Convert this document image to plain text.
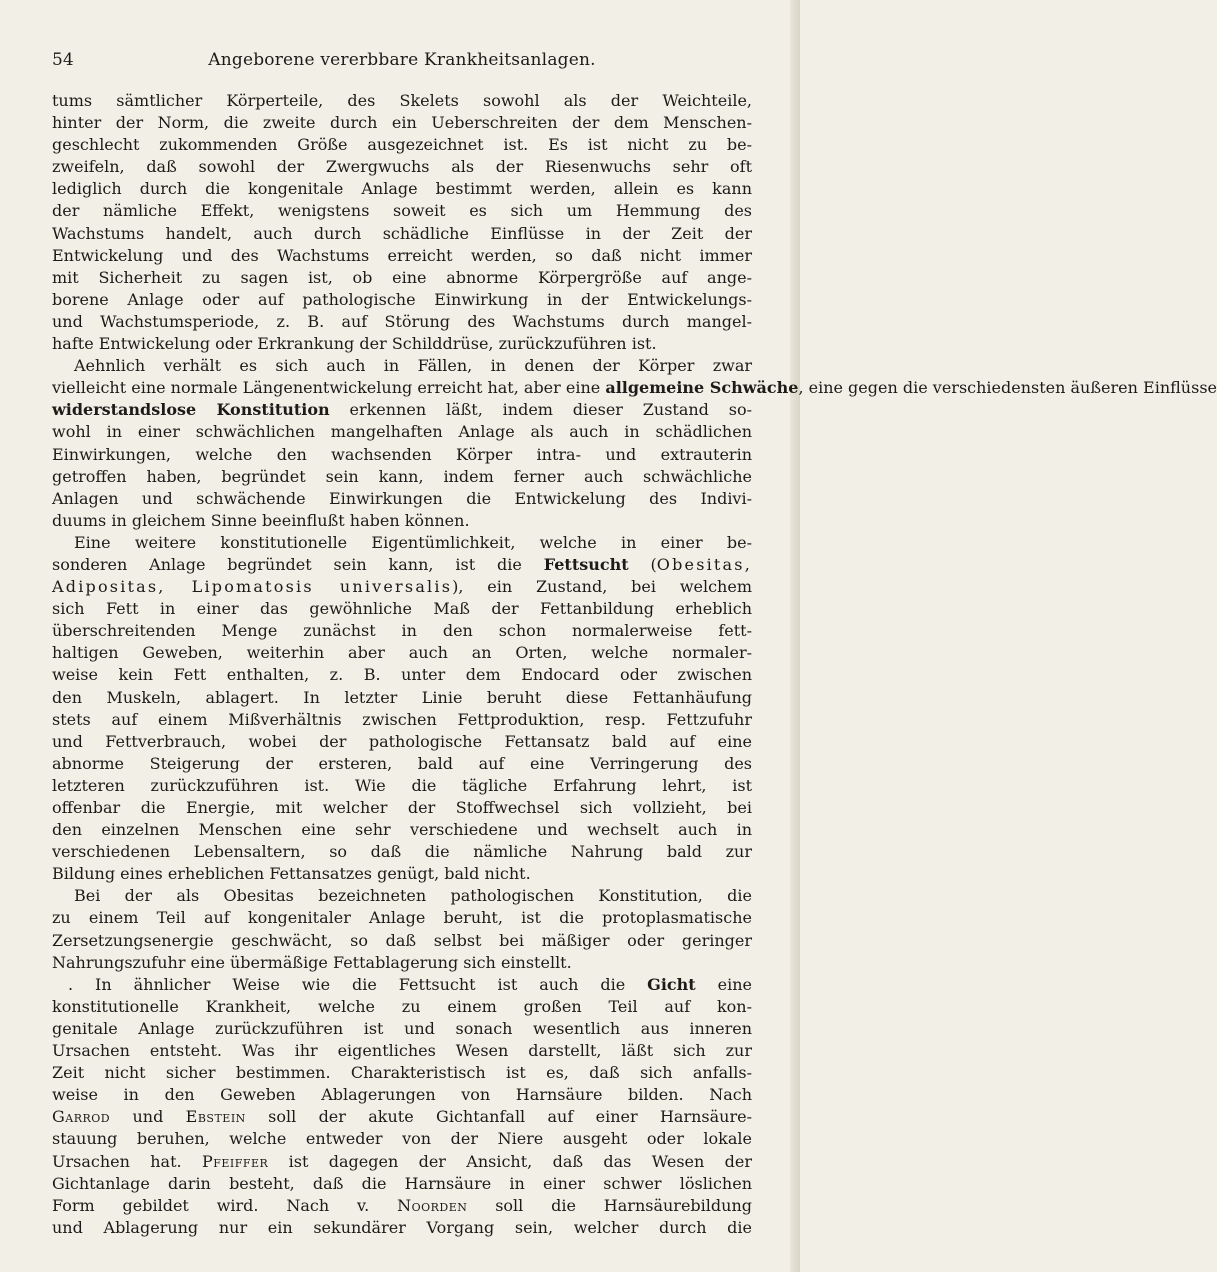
54	Angeborene vererbbare Krankheitsanlagen.
tums sämtlicher Körperteile, des Skelets sowohl als der Weichteile,
hinter der Norm, die zweite durch ein Ueberschreiten der dem Menschen-
geschlecht zukommenden Größe ausgezeichnet ist. Es ist nicht zu be-
zweifeln, daß sowohl der Zwergwuchs als der Riesenwuchs sehr oft
lediglich durch die kongenitale Anlage bestimmt werden, allein es kann
der nämliche Effekt, wenigstens soweit es sich um Hemmung des
Wachstums handelt, auch durch schädliche Einflüsse in der Zeit der
Entwickelung und des Wachstums erreicht werden, so daß nicht immer
mit Sicherheit zu sagen ist, ob eine abnorme Körpergröße auf ange-
borene Anlage oder auf pathologische Einwirkung in der Entwickelungs-
und Wachstumsperiode, z. B. auf Störung des Wachstums durch mangel-
hafte Entwickelung oder Erkrankung der Schilddrüse, zurückzuführen ist.
Aehnlich verhält es sich auch in Fällen, in denen der Körper zwar
vielleicht eine normale Längenentwickelung erreicht hat, aber eine allgemeine Schwäche, eine gegen die verschiedensten äußeren Einflüsse
widerstandslose Konstitution erkennen läßt, indem dieser Zustand so-
wohl in einer schwächlichen mangelhaften Anlage als auch in schädlichen
Einwirkungen, welche den wachsenden Körper intra- und extrauterin
getroffen haben, begründet sein kann, indem ferner auch schwächliche
Anlagen und schwächende Einwirkungen die Entwickelung des Indivi-
duums in gleichem Sinne beeinflußt haben können.
Eine weitere konstitutionelle Eigentümlichkeit, welche in einer be-
sonderen Anlage begründet sein kann, ist die Fettsucht (Obesitas,
Adipositas, Lipomatosis universalis), ein Zustand, bei welchem
sich Fett in einer das gewöhnliche Maß der Fettanbildung erheblich
überschreitenden Menge zunächst in den schon normalerweise fett-
haltigen Geweben, weiterhin aber auch an Orten, welche normaler-
weise kein Fett enthalten, z. B. unter dem Endocard oder zwischen
den Muskeln, ablagert. In letzter Linie beruht diese Fettanhäufung
stets auf einem Mißverhältnis zwischen Fettproduktion, resp. Fettzufuhr
und Fettverbrauch, wobei der pathologische Fettansatz bald auf eine
abnorme Steigerung der ersteren, bald auf eine Verringerung des
letzteren zurückzuführen ist. Wie die tägliche Erfahrung lehrt, ist
offenbar die Energie, mit welcher der Stoffwechsel sich vollzieht, bei
den einzelnen Menschen eine sehr verschiedene und wechselt auch in
verschiedenen Lebensaltern, so daß die nämliche Nahrung bald zur
Bildung eines erheblichen Fettansatzes genügt, bald nicht.
Bei der als Obesitas bezeichneten pathologischen Konstitution, die
zu einem Teil auf kongenitaler Anlage beruht, ist die protoplasmatische
Zersetzungsenergie geschwächt, so daß selbst bei mäßiger oder geringer
Nahrungszufuhr eine übermäßige Fettablagerung sich einstellt.
. In ähnlicher Weise wie die Fettsucht ist auch die Gicht eine
konstitutionelle Krankheit, welche zu einem großen Teil auf kon-
genitale Anlage zurückzuführen ist und sonach wesentlich aus inneren
Ursachen entsteht. Was ihr eigentliches Wesen darstellt, läßt sich zur
Zeit nicht sicher bestimmen. Charakteristisch ist es, daß sich anfalls-
weise in den Geweben Ablagerungen von Harnsäure bilden. Nach
Garrod und Ebstein soll der akute Gichtanfall auf einer Harnsäure-
stauung beruhen, welche entweder von der Niere ausgeht oder lokale
Ursachen hat. Pfeiffer ist dagegen der Ansicht, daß das Wesen der
Gichtanlage darin besteht, daß die Harnsäure in einer schwer löslichen
Form gebildet wird. Nach v. Noorden soll die Harnsäurebildung
und Ablagerung nur ein sekundärer Vorgang sein, welcher durch die
